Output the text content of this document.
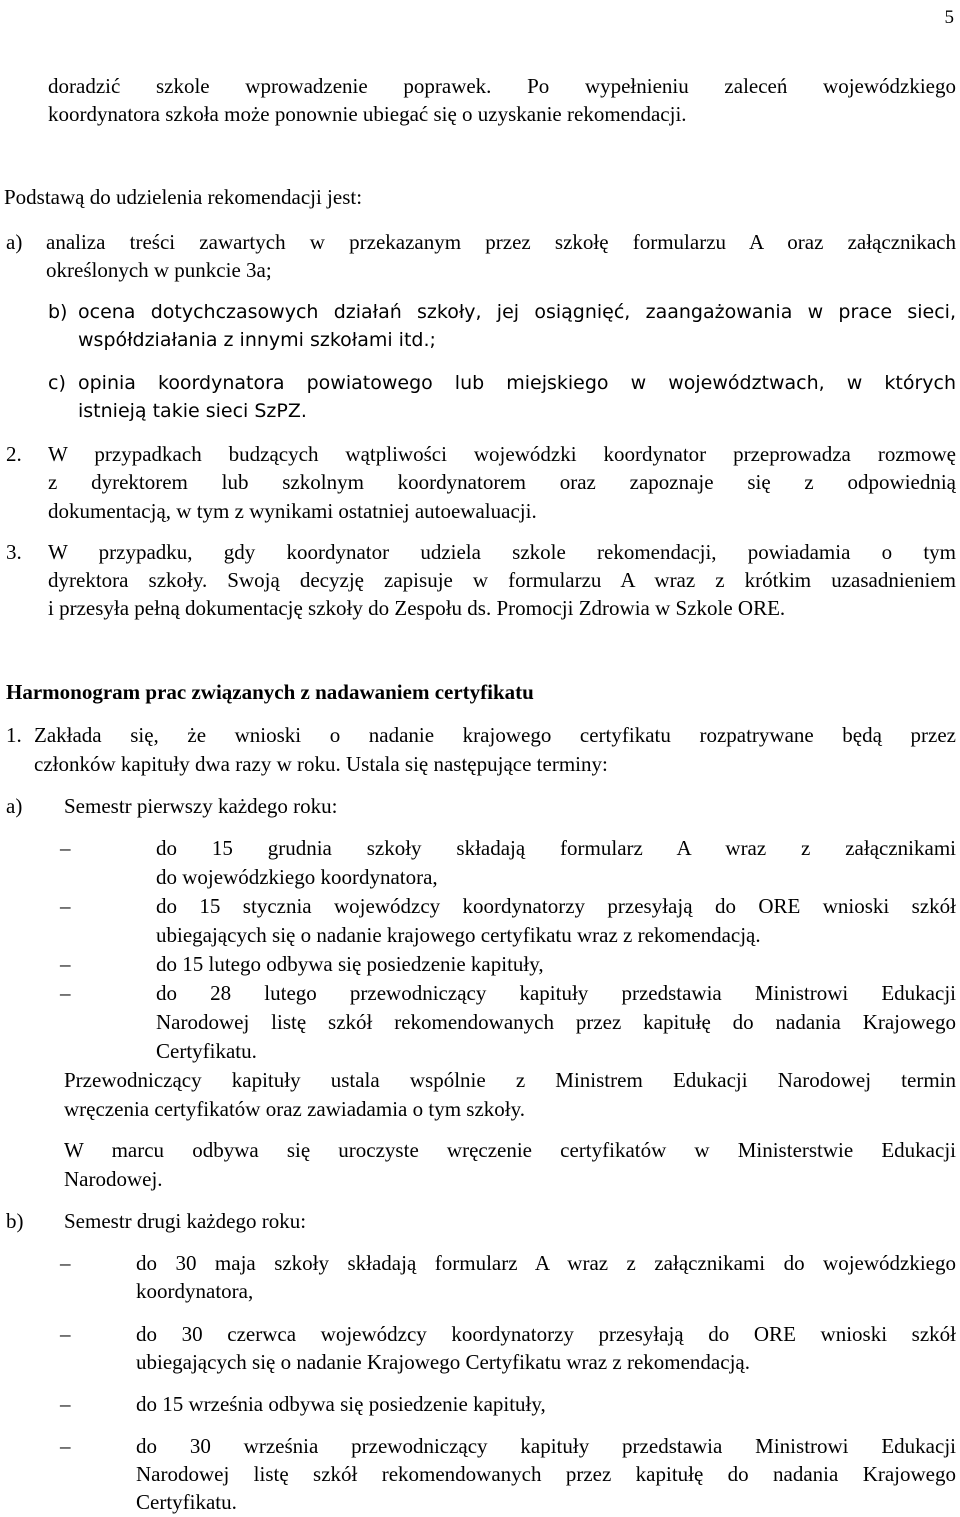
5
doradzić szkole wprowadzenie poprawek. Po wypełnieniu zaleceń wojewódzkiego
koordynatora szkoła może ponownie ubiegać się o uzyskanie rekomendacji.
Podstawą do udzielenia rekomendacji jest:
a) analiza treści zawartych w przekazanym przez szkołę formularzu A oraz załącznikach
określonych w punkcie 3a;
b) ocena dotychczasowych działań szkoły, jej osiągnięć, zaangażowania w prace sieci,
współdziałania z innymi szkołami itd.;
c) opinia koordynatora powiatowego lub miejskiego w województwach, w których
istnieją takie sieci SzPZ.
2. W przypadkach budzących wątpliwości wojewódzki koordynator przeprowadza rozmowę
z dyrektorem lub szkolnym koordynatorem oraz zapoznaje się z odpowiednią
dokumentacją, w tym z wynikami ostatniej autoewaluacji.
3. W przypadku, gdy koordynator udziela szkole rekomendacji, powiadamia o tym
dyrektora szkoły. Swoją decyzję zapisuje w formularzu A wraz z krótkim uzasadnieniem
i przesyła pełną dokumentację szkoły do Zespołu ds. Promocji Zdrowia w Szkole ORE.
Harmonogram prac związanych z nadawaniem certyfikatu
1. Zakłada się, że wnioski o nadanie krajowego certyfikatu rozpatrywane będą przez
członków kapituły dwa razy w roku. Ustala się następujące terminy:
a) Semestr pierwszy każdego roku:
–	do 15 grudnia szkoły składają formularz A wraz z załącznikami
do wojewódzkiego koordynatora,
–	do 15 stycznia wojewódzcy koordynatorzy przesyłają do ORE wnioski szkół
ubiegających się o nadanie krajowego certyfikatu wraz z rekomendacją.
–	do 15 lutego odbywa się posiedzenie kapituły,
–	do 28 lutego przewodniczący kapituły przedstawia Ministrowi Edukacji
Narodowej listę szkół rekomendowanych przez kapitułę do nadania Krajowego
Certyfikatu.
Przewodniczący kapituły ustala wspólnie z Ministrem Edukacji Narodowej termin
wręczenia certyfikatów oraz zawiadamia o tym szkoły.
W marcu odbywa się uroczyste wręczenie certyfikatów w Ministerstwie Edukacji
Narodowej.
b) Semestr drugi każdego roku:
–	do 30 maja szkoły składają formularz A wraz z załącznikami do wojewódzkiego
koordynatora,
–	do 30 czerwca wojewódzcy koordynatorzy przesyłają do ORE wnioski szkół
ubiegających się o nadanie Krajowego Certyfikatu wraz z rekomendacją.
–	do 15 września odbywa się posiedzenie kapituły,
–	do 30 września przewodniczący kapituły przedstawia Ministrowi Edukacji
Narodowej listę szkół rekomendowanych przez kapitułę do nadania Krajowego
Certyfikatu.
